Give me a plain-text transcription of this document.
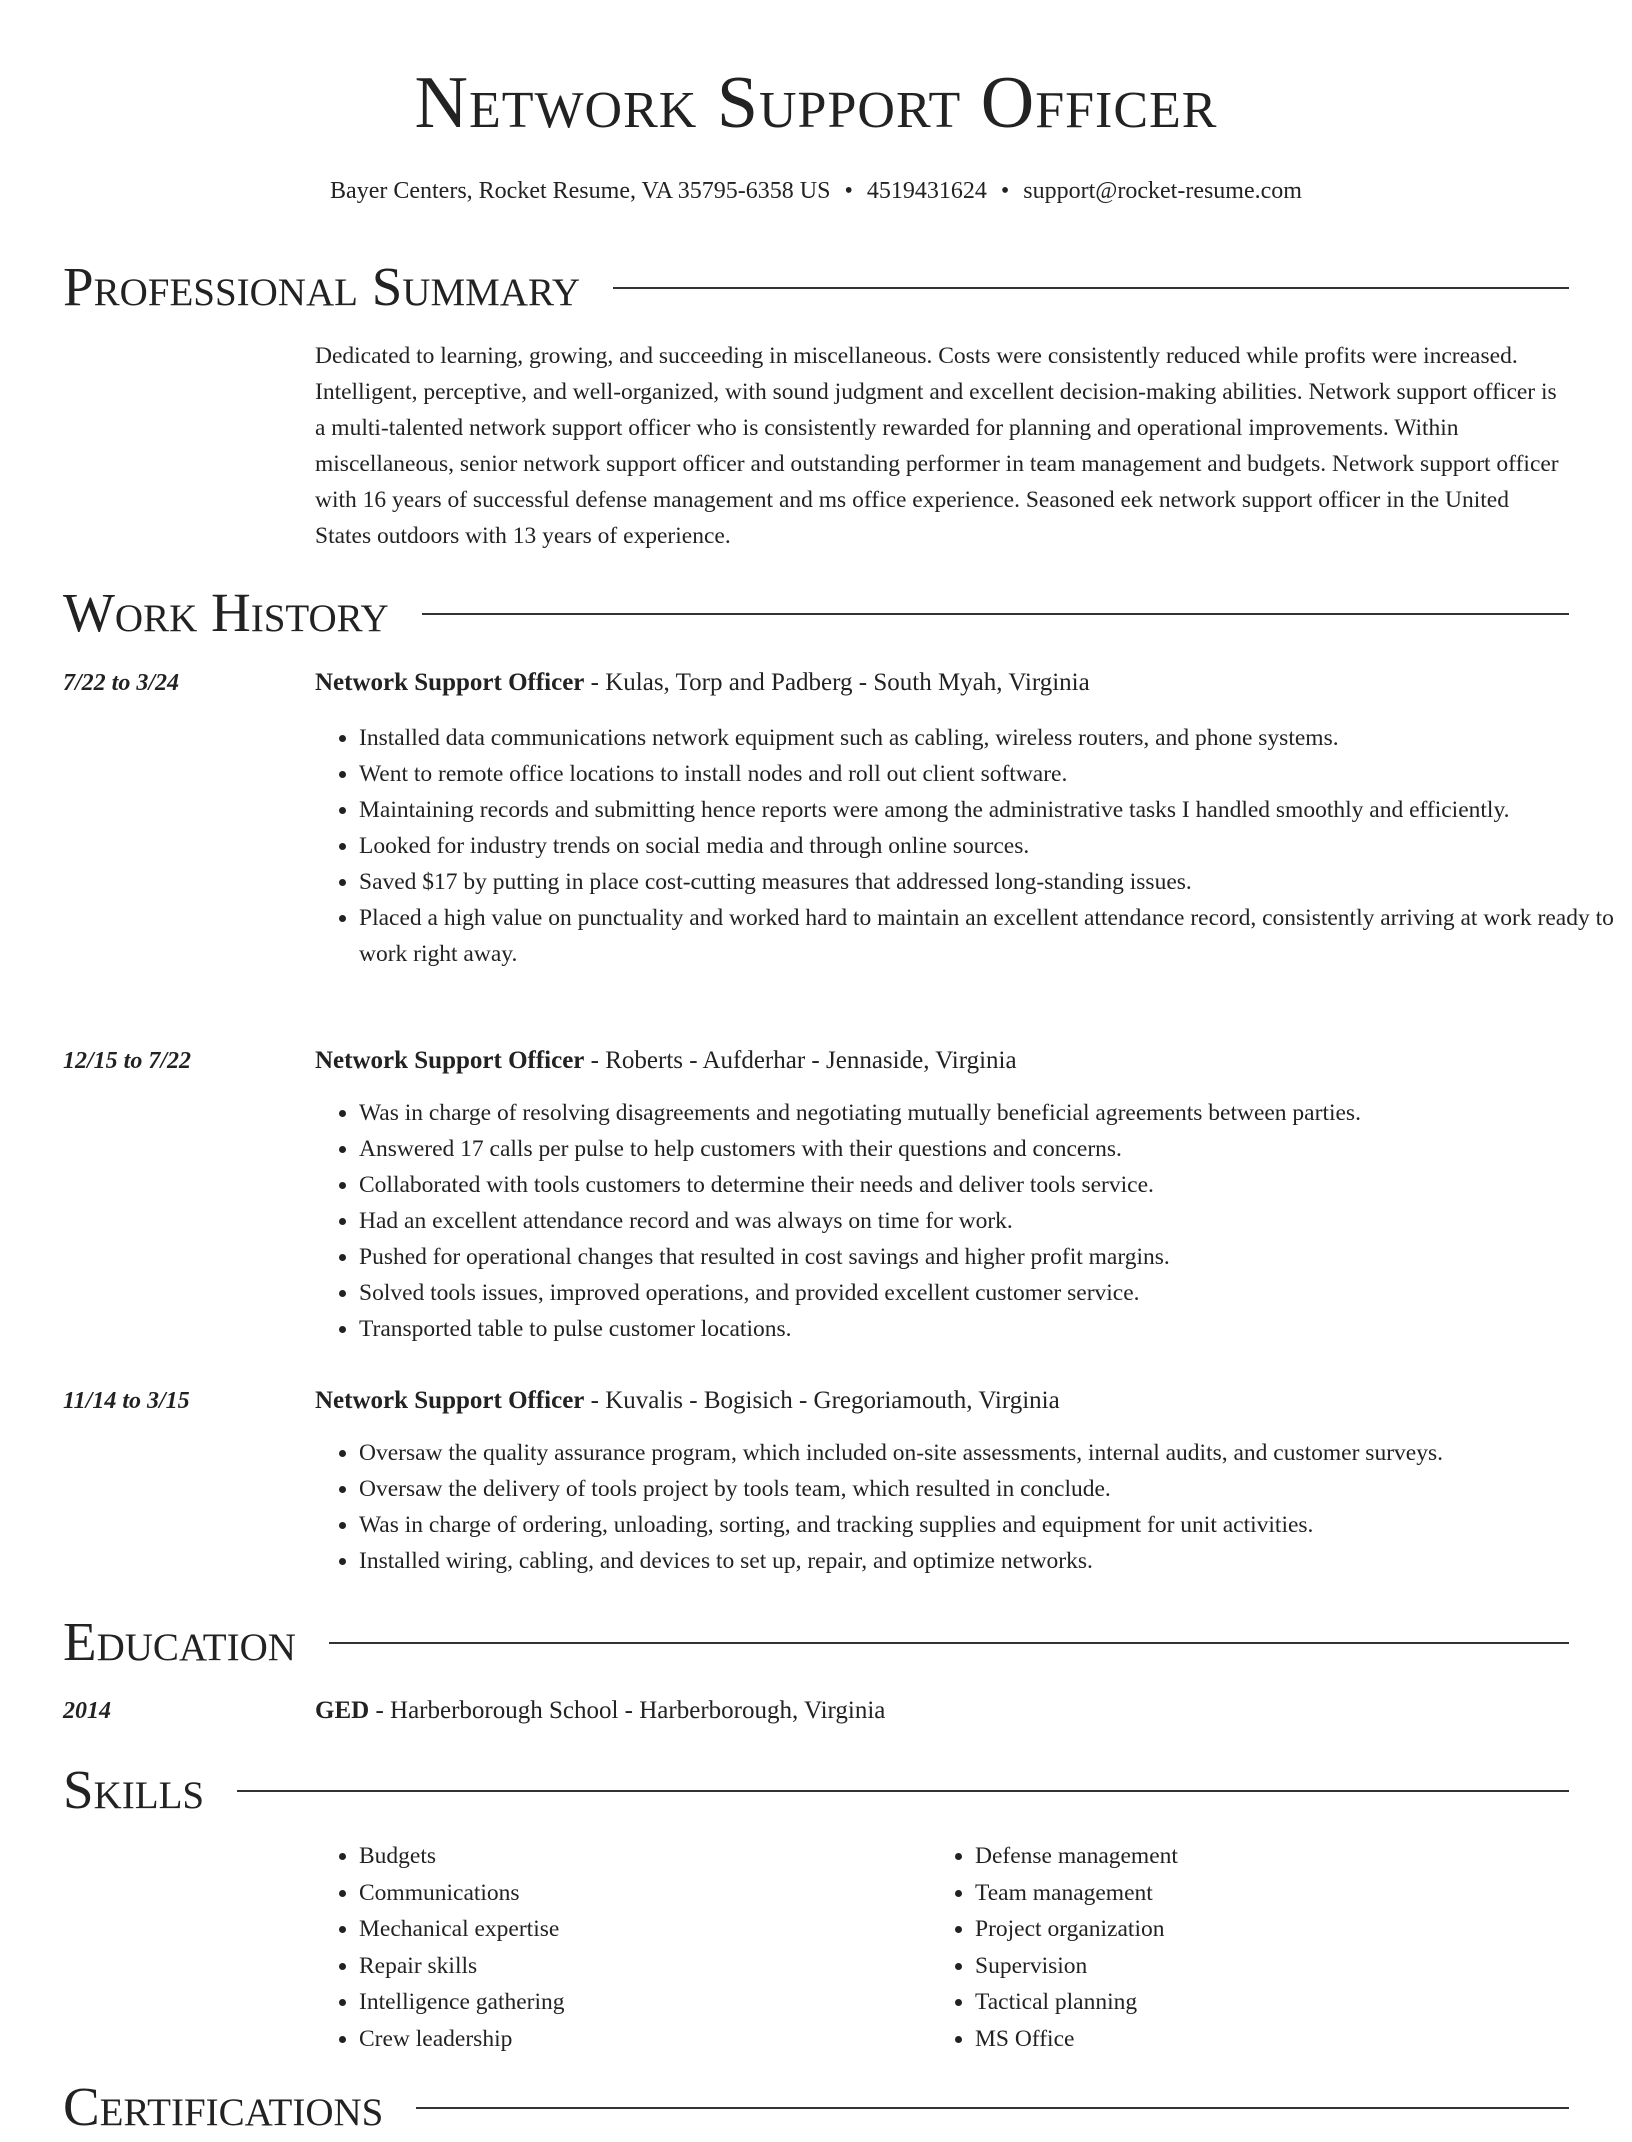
Network Support Officer
Bayer Centers, Rocket Resume, VA 35795-6358 US • 4519431624 • support@rocket-resume.com
Professional Summary

Dedicated to learning, growing, and succeeding in miscellaneous. Costs were consistently reduced while profits were increased. Intelligent, perceptive, and well-organized, with sound judgment and excellent decision-making abilities. Network support officer is a multi-talented network support officer who is consistently rewarded for planning and operational improvements. Within miscellaneous, senior network support officer and outstanding performer in team management and budgets. Network support officer with 16 years of successful defense management and ms office experience. Seasoned eek network support officer in the United States outdoors with 13 years of experience.

Work History
7/22 to 3/24	Network Support Officer - Kulas, Torp and Padberg - South Myah, Virginia
• Installed data communications network equipment such as cabling, wireless routers, and phone systems.
• Went to remote office locations to install nodes and roll out client software.
• Maintaining records and submitting hence reports were among the administrative tasks I handled smoothly and efficiently.
• Looked for industry trends on social media and through online sources.
• Saved $17 by putting in place cost-cutting measures that addressed long-standing issues.
• Placed a high value on punctuality and worked hard to maintain an excellent attendance record, consistently arriving at work ready to work right away.
12/15 to 7/22	Network Support Officer - Roberts - Aufderhar - Jennaside, Virginia
• Was in charge of resolving disagreements and negotiating mutually beneficial agreements between parties.
• Answered 17 calls per pulse to help customers with their questions and concerns.
• Collaborated with tools customers to determine their needs and deliver tools service.
• Had an excellent attendance record and was always on time for work.
• Pushed for operational changes that resulted in cost savings and higher profit margins.
• Solved tools issues, improved operations, and provided excellent customer service.
• Transported table to pulse customer locations.
11/14 to 3/15	Network Support Officer - Kuvalis - Bogisich - Gregoriamouth, Virginia
• Oversaw the quality assurance program, which included on-site assessments, internal audits, and customer surveys.
• Oversaw the delivery of tools project by tools team, which resulted in conclude.
• Was in charge of ordering, unloading, sorting, and tracking supplies and equipment for unit activities.
• Installed wiring, cabling, and devices to set up, repair, and optimize networks.
Education
2014	GED - Harberborough School - Harberborough, Virginia
Skills
• Budgets
• Communications
• Mechanical expertise
• Repair skills
• Intelligence gathering
• Crew leadership
• Defense management
• Team management
• Project organization
• Supervision
• Tactical planning
• MS Office
Certifications
